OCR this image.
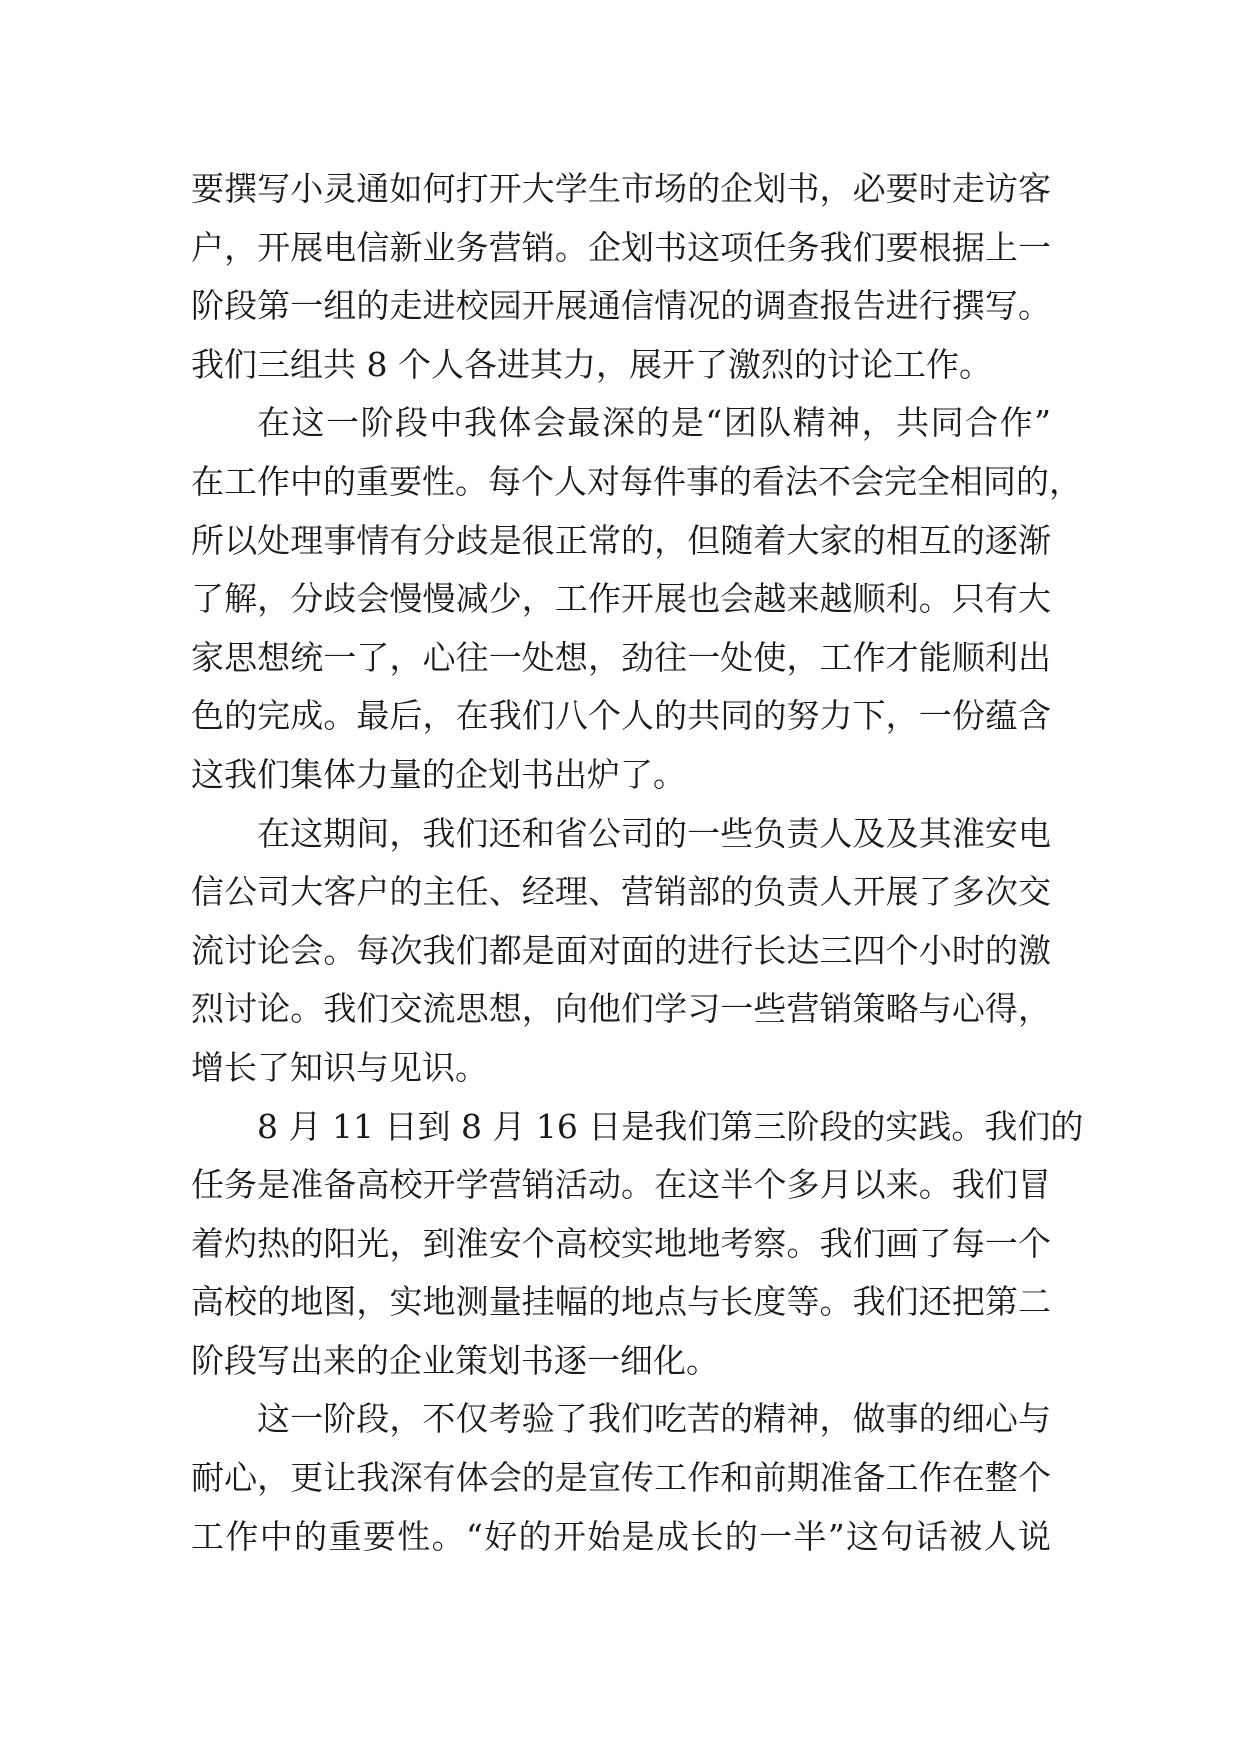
要撰写小灵通如何打开大学生市场的企划书，必要时走访客
户，开展电信新业务营销。企划书这项任务我们要根据上一
阶段第一组的走进校园开展通信情况的调查报告进行撰写。
我们三组共 8 个人各进其力，展开了激烈的讨论工作。
在这一阶段中我体会最深的是“团队精神，共同合作”
在工作中的重要性。每个人对每件事的看法不会完全相同的，
所以处理事情有分歧是很正常的，但随着大家的相互的逐渐
了解，分歧会慢慢减少，工作开展也会越来越顺利。只有大
家思想统一了，心往一处想，劲往一处使，工作才能顺利出
色的完成。最后，在我们八个人的共同的努力下，一份蕴含
这我们集体力量的企划书出炉了。
在这期间，我们还和省公司的一些负责人及及其淮安电
信公司大客户的主任、经理、营销部的负责人开展了多次交
流讨论会。每次我们都是面对面的进行长达三四个小时的激
烈讨论。我们交流思想，向他们学习一些营销策略与心得，
增长了知识与见识。
8 月 11 日到 8 月 16 日是我们第三阶段的实践。我们的
任务是准备高校开学营销活动。在这半个多月以来。我们冒
着灼热的阳光，到淮安个高校实地地考察。我们画了每一个
高校的地图，实地测量挂幅的地点与长度等。我们还把第二
阶段写出来的企业策划书逐一细化。
这一阶段，不仅考验了我们吃苦的精神，做事的细心与
耐心，更让我深有体会的是宣传工作和前期准备工作在整个
工作中的重要性。“好的开始是成长的一半”这句话被人说
